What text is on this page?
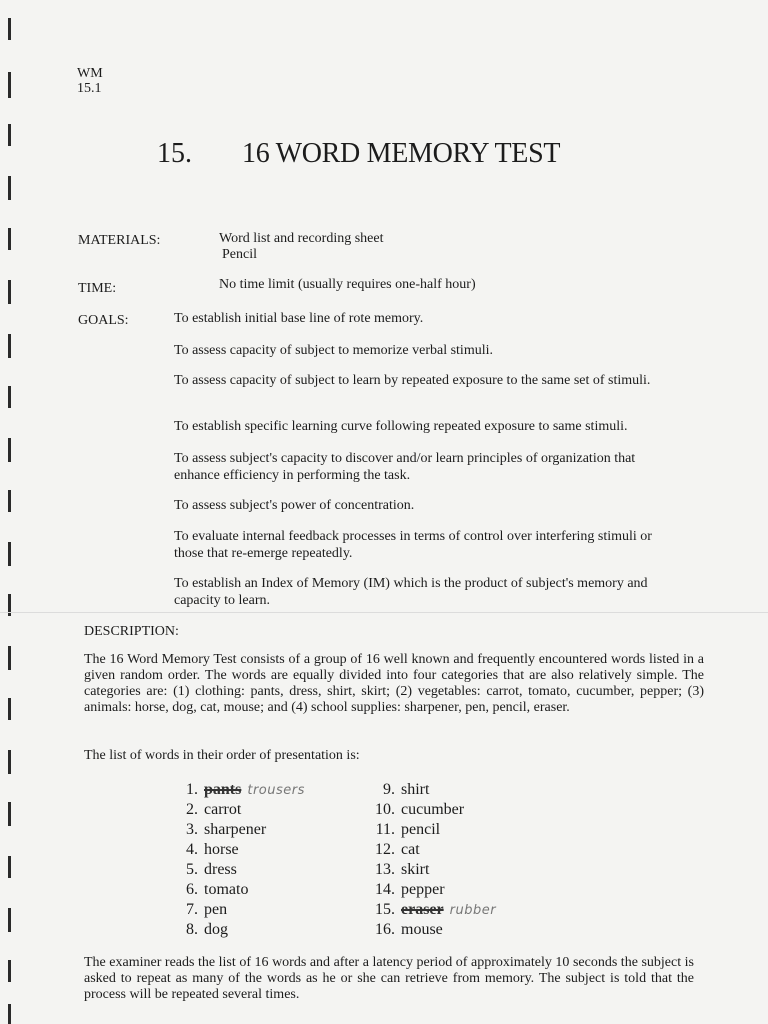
WM
15.1
15. 16 WORD MEMORY TEST
MATERIALS:	Word list and recording sheet
Pencil
TIME:	No time limit (usually requires one-half hour)
GOALS:	To establish initial base line of rote memory.
To assess capacity of subject to memorize verbal stimuli.
To assess capacity of subject to learn by repeated exposure to the same set of stimuli.
To establish specific learning curve following repeated exposure to same stimuli.
To assess subject's capacity to discover and/or learn principles of organization that enhance efficiency in performing the task.
To assess subject's power of concentration.
To evaluate internal feedback processes in terms of control over interfering stimuli or those that re-emerge repeatedly.
To establish an Index of Memory (IM) which is the product of subject's memory and capacity to learn.
DESCRIPTION:
The 16 Word Memory Test consists of a group of 16 well known and frequently encountered words listed in a given random order. The words are equally divided into four categories that are also relatively simple. The categories are: (1) clothing: pants, dress, shirt, skirt; (2) vegetables: carrot, tomato, cucumber, pepper; (3) animals: horse, dog, cat, mouse; and (4) school supplies: sharpener, pen, pencil, eraser.
The list of words in their order of presentation is:
1. pants trousers
2. carrot
3. sharpener
4. horse
5. dress
6. tomato
7. pen
8. dog
9. shirt
10. cucumber
11. pencil
12. cat
13. skirt
14. pepper
15. eraser rubber
16. mouse
The examiner reads the list of 16 words and after a latency period of approximately 10 seconds the subject is asked to repeat as many of the words as he or she can retrieve from memory. The subject is told that the process will be repeated several times.
